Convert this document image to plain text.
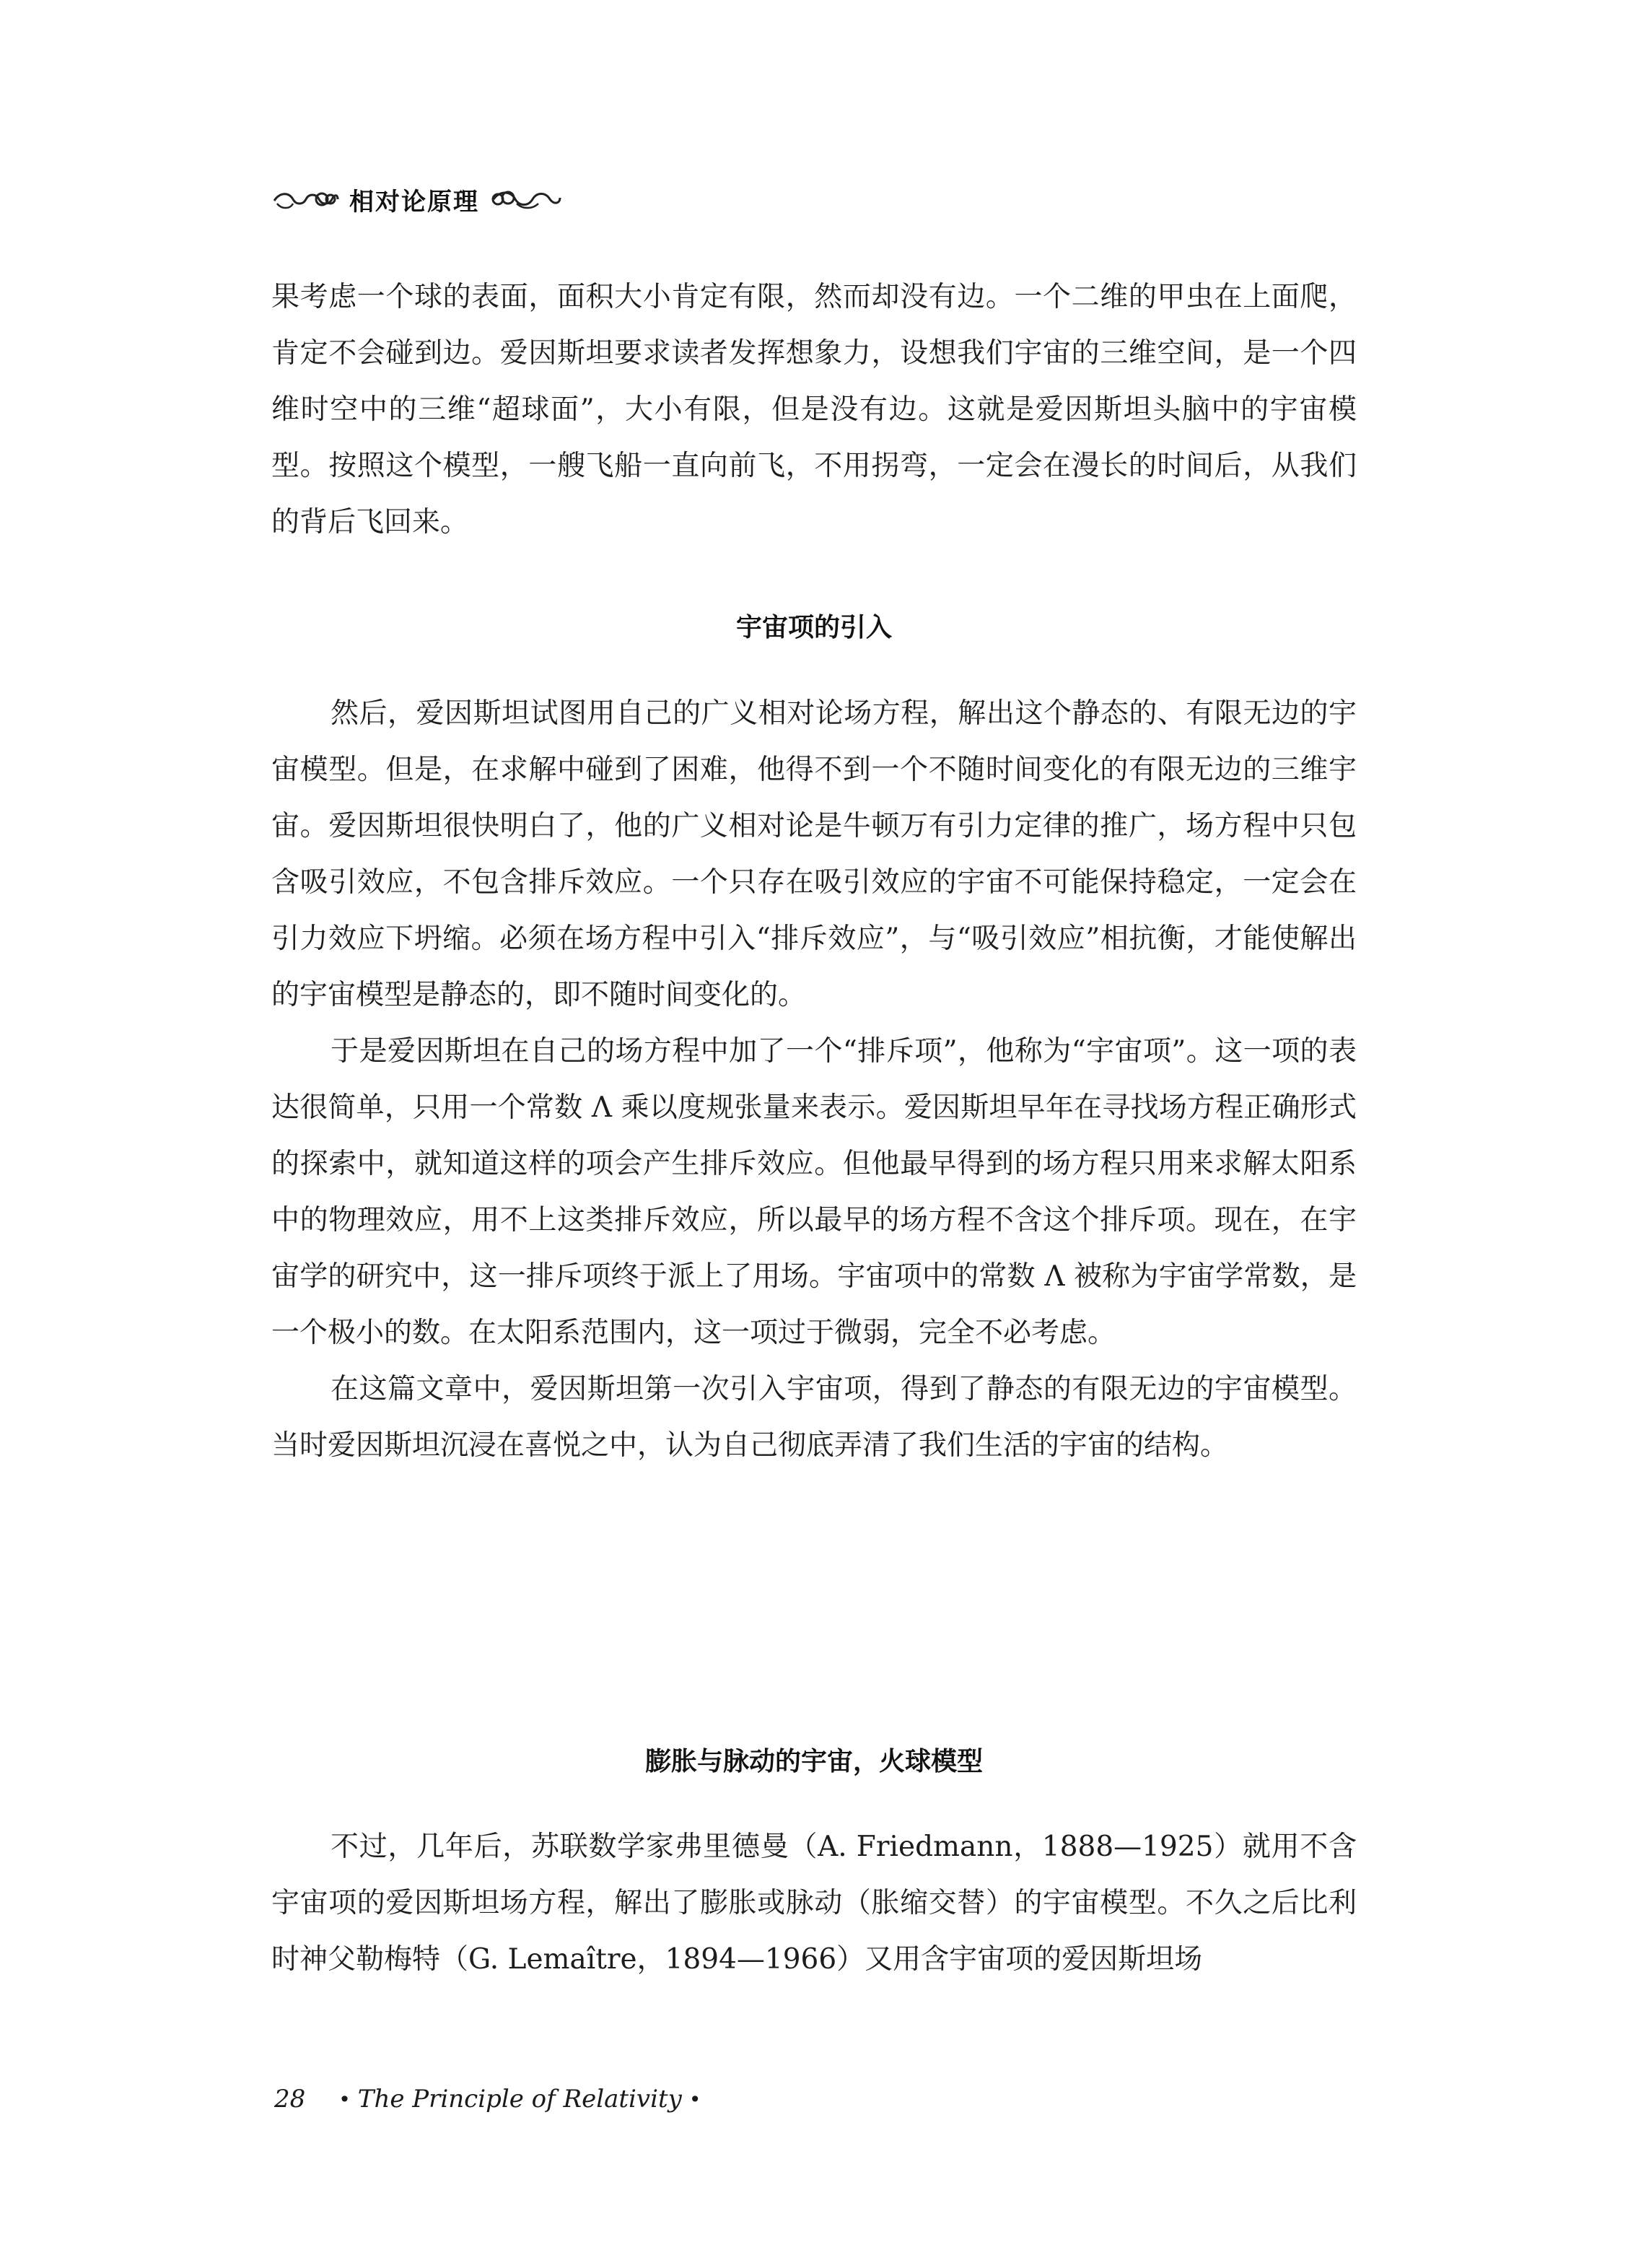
相对论原理

果考虑一个球的表面，面积大小肯定有限，然而却没有边。一个二维的甲虫在上面爬，肯定不会碰到边。爱因斯坦要求读者发挥想象力，设想我们宇宙的三维空间，是一个四维时空中的三维“超球面”，大小有限，但是没有边。这就是爱因斯坦头脑中的宇宙模型。按照这个模型，一艘飞船一直向前飞，不用拐弯，一定会在漫长的时间后，从我们的背后飞回来。

宇宙项的引入

然后，爱因斯坦试图用自己的广义相对论场方程，解出这个静态的、有限无边的宇宙模型。但是，在求解中碰到了困难，他得不到一个不随时间变化的有限无边的三维宇宙。爱因斯坦很快明白了，他的广义相对论是牛顿万有引力定律的推广，场方程中只包含吸引效应，不包含排斥效应。一个只存在吸引效应的宇宙不可能保持稳定，一定会在引力效应下坍缩。必须在场方程中引入“排斥效应”，与“吸引效应”相抗衡，才能使解出的宇宙模型是静态的，即不随时间变化的。

于是爱因斯坦在自己的场方程中加了一个“排斥项”，他称为“宇宙项”。这一项的表达很简单，只用一个常数 Λ 乘以度规张量来表示。爱因斯坦早年在寻找场方程正确形式的探索中，就知道这样的项会产生排斥效应。但他最早得到的场方程只用来求解太阳系中的物理效应，用不上这类排斥效应，所以最早的场方程不含这个排斥项。现在，在宇宙学的研究中，这一排斥项终于派上了用场。宇宙项中的常数 Λ 被称为宇宙学常数，是一个极小的数。在太阳系范围内，这一项过于微弱，完全不必考虑。

在这篇文章中，爱因斯坦第一次引入宇宙项，得到了静态的有限无边的宇宙模型。当时爱因斯坦沉浸在喜悦之中，认为自己彻底弄清了我们生活的宇宙的结构。

膨胀与脉动的宇宙，火球模型

不过，几年后，苏联数学家弗里德曼（A. Friedmann，1888—1925）就用不含宇宙项的爱因斯坦场方程，解出了膨胀或脉动（胀缩交替）的宇宙模型。不久之后比利时神父勒梅特（G. Lemaître，1894—1966）又用含宇宙项的爱因斯坦场

28 • The Principle of Relativity •
